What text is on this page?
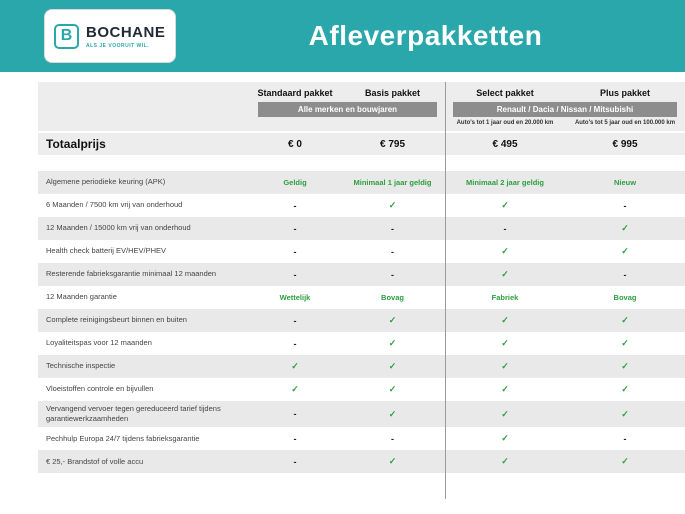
B BOCHANE
ALS JE VOORUIT WIL.	Afleverpakketten
Standaard pakket	Basis pakket
Alle merken en bouwjaren
Select pakket	Plus pakket
Renault / Dacia / Nissan / Mitsubishi
Auto's tot 1 jaar oud en 20.000 km	Auto's tot 5 jaar oud en 100.000 km
Totaalprijs	€ 0	€ 795	€ 495	€ 995
Algemene periodieke keuring (APK)	Geldig	Minimaal 1 jaar geldig	Minimaal 2 jaar geldig	Nieuw
6 Maanden / 7500 km vrij van onderhoud	-	✓	✓	-
12 Maanden / 15000 km vrij van onderhoud	-	-	-	✓
Health check batterij EV/HEV/PHEV	-	-	✓	✓
Resterende fabrieksgarantie minimaal 12 maanden	-	-	✓	-
12 Maanden garantie	Wettelijk	Bovag	Fabriek	Bovag
Complete reinigingsbeurt binnen en buiten	-	✓	✓	✓
Loyaliteitspas voor 12 maanden	-	✓	✓	✓
Technische inspectie	✓	✓	✓	✓
Vloeistoffen controle en bijvullen	✓	✓	✓	✓
Vervangend vervoer tegen gereduceerd tarief tijdens garantiewerkzaamheden	-	✓	✓	✓
Pechhulp Europa 24/7 tijdens fabrieksgarantie	-	-	✓	-
€ 25,- Brandstof of volle accu	-	✓	✓	✓
